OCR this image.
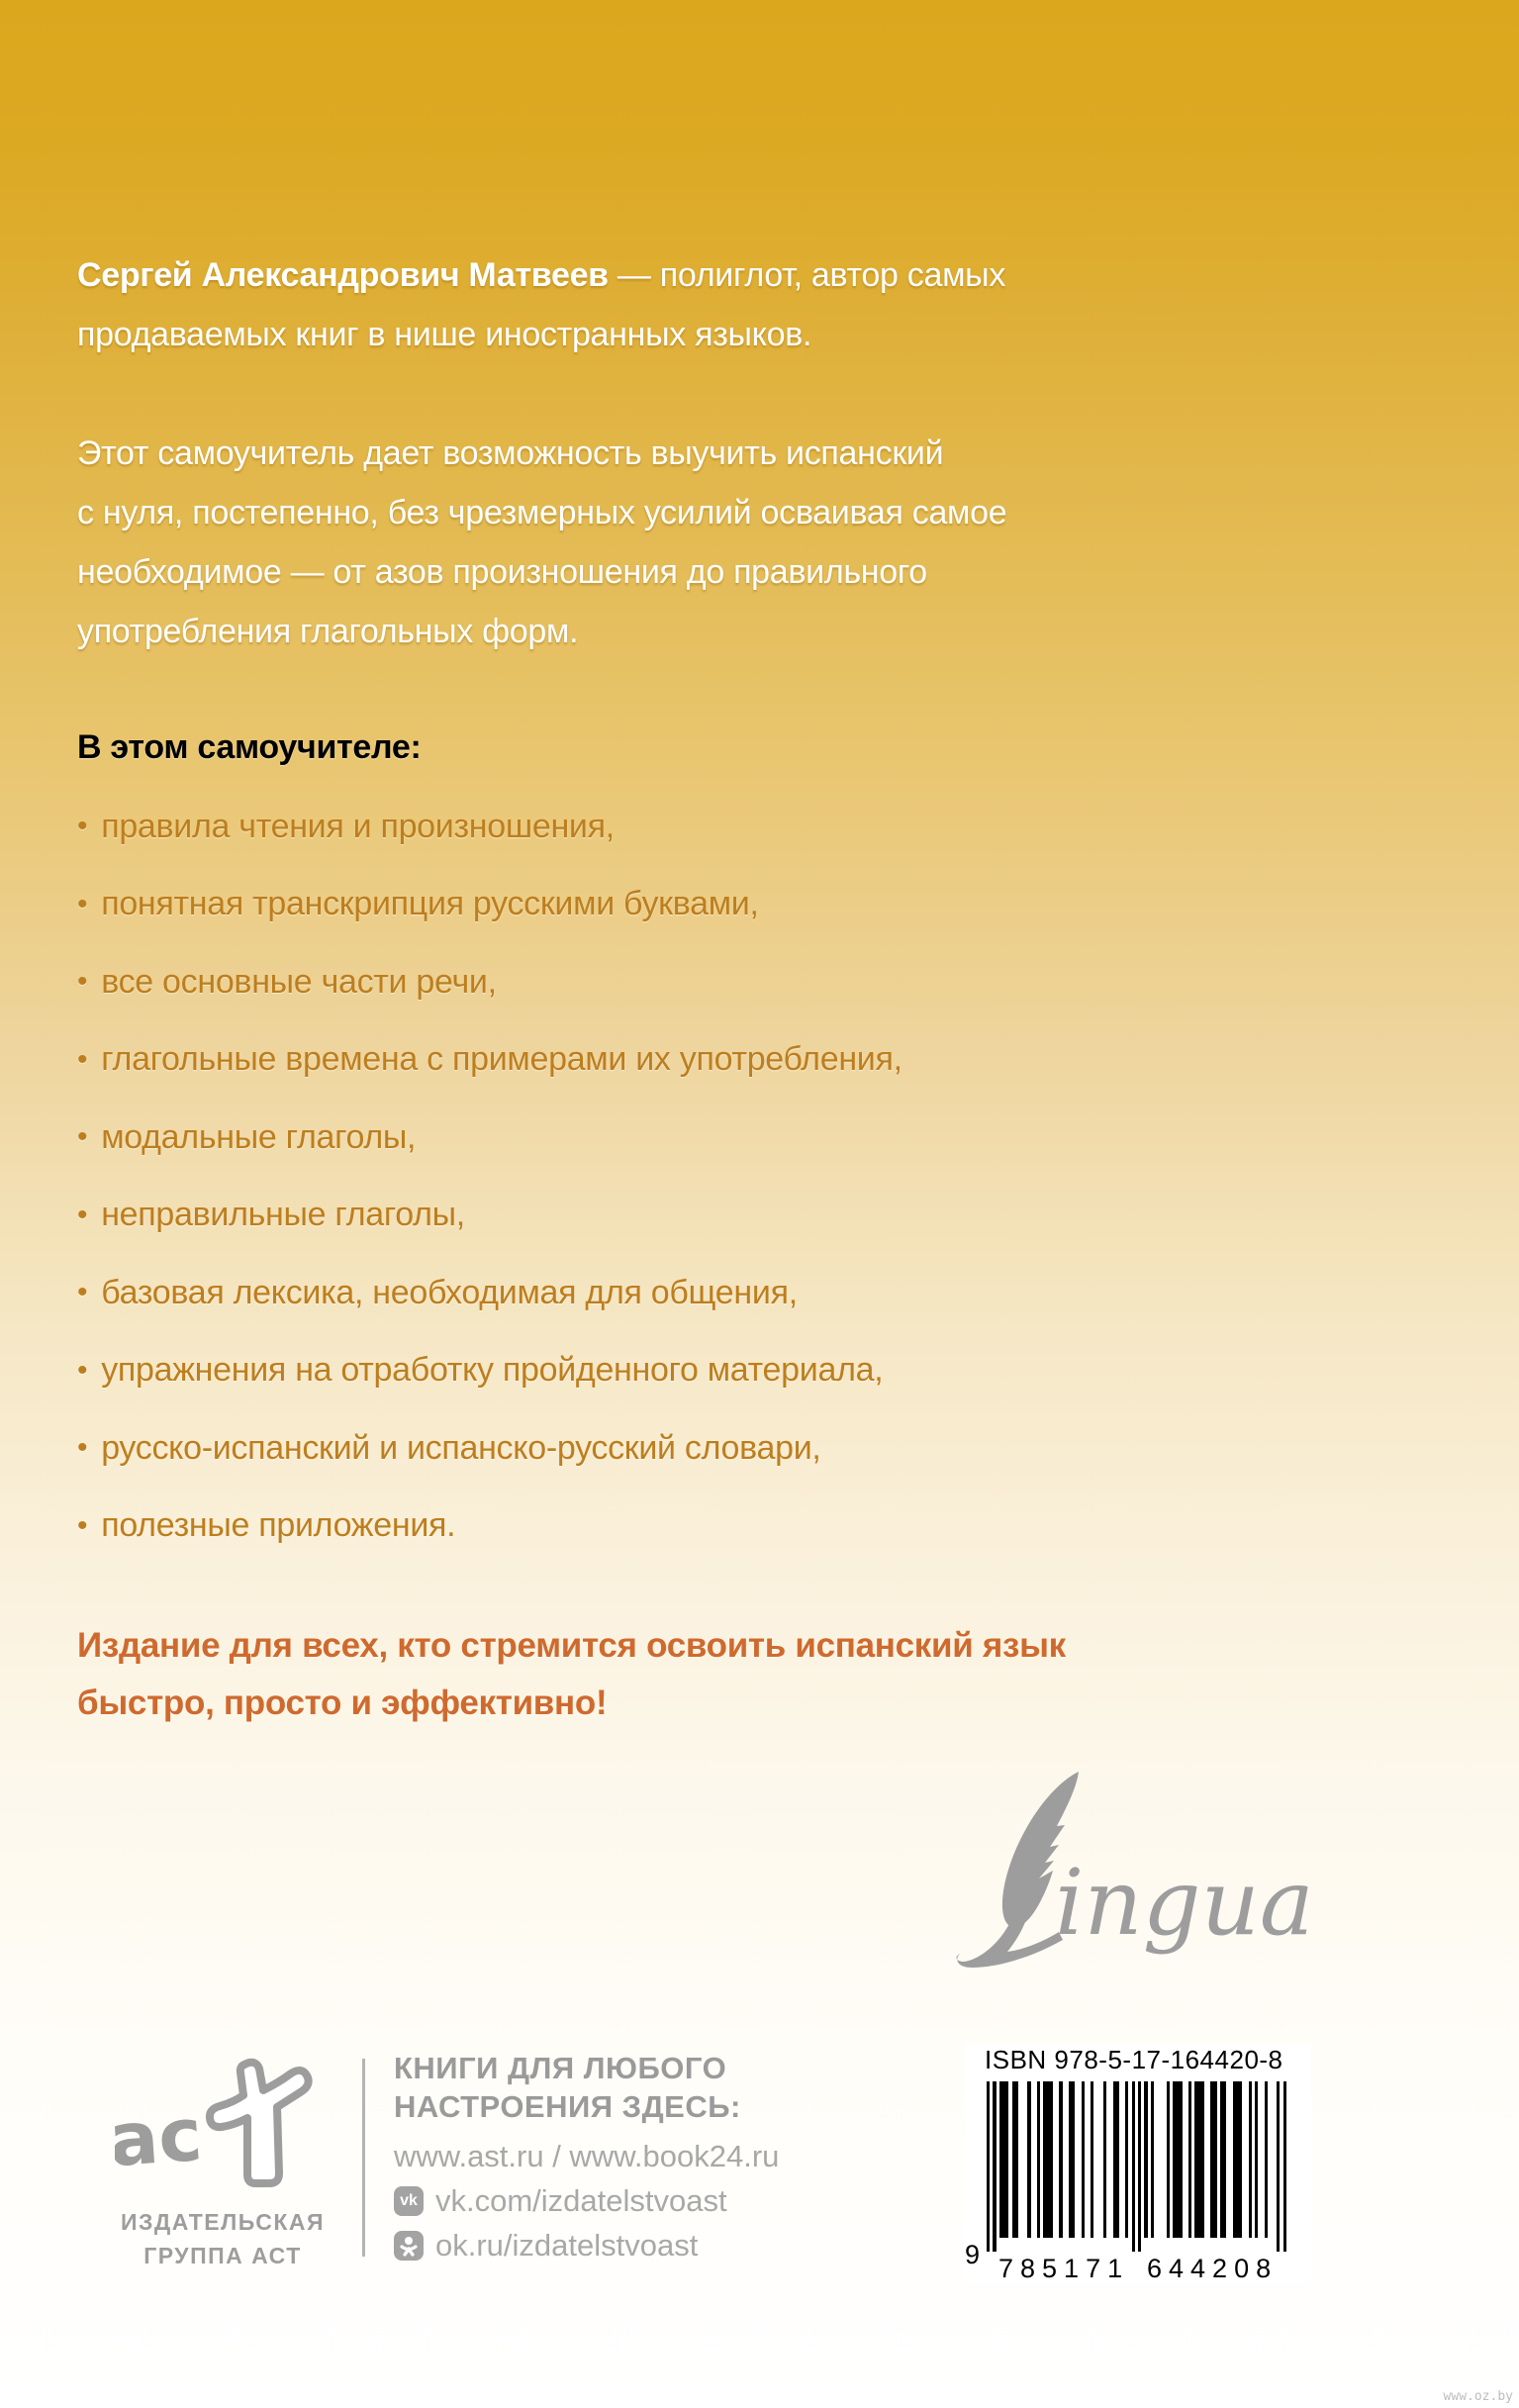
Сергей Александрович Матвеев — полиглот, автор самых
продаваемых книг в нише иностранных языков.
Этот самоучитель дает возможность выучить испанский
с нуля, постепенно, без чрезмерных усилий осваивая самое
необходимое — от азов произношения до правильного
употребления глагольных форм.
В этом самоучителе:
• правила чтения и произношения,
• понятная транскрипция русскими буквами,
• все основные части речи,
• глагольные времена с примерами их употребления,
• модальные глаголы,
• неправильные глаголы,
• базовая лексика, необходимая для общения,
• упражнения на отработку пройденного материала,
• русско-испанский и испанско-русский словари,
• полезные приложения.
Издание для всех, кто стремится освоить испанский язык
быстро, просто и эффективно!
ingua
ас
ИЗДАТЕЛЬСКАЯ
ГРУППА АСТ
КНИГИ ДЛЯ ЛЮБОГО
НАСТРОЕНИЯ ЗДЕСЬ:
www.ast.ru / www.book24.ru
vk vk.com/izdatelstvoast
ok.ru/izdatelstvoast
ISBN 978-5-17-164420-8
9 785171 644208
www.oz.by
